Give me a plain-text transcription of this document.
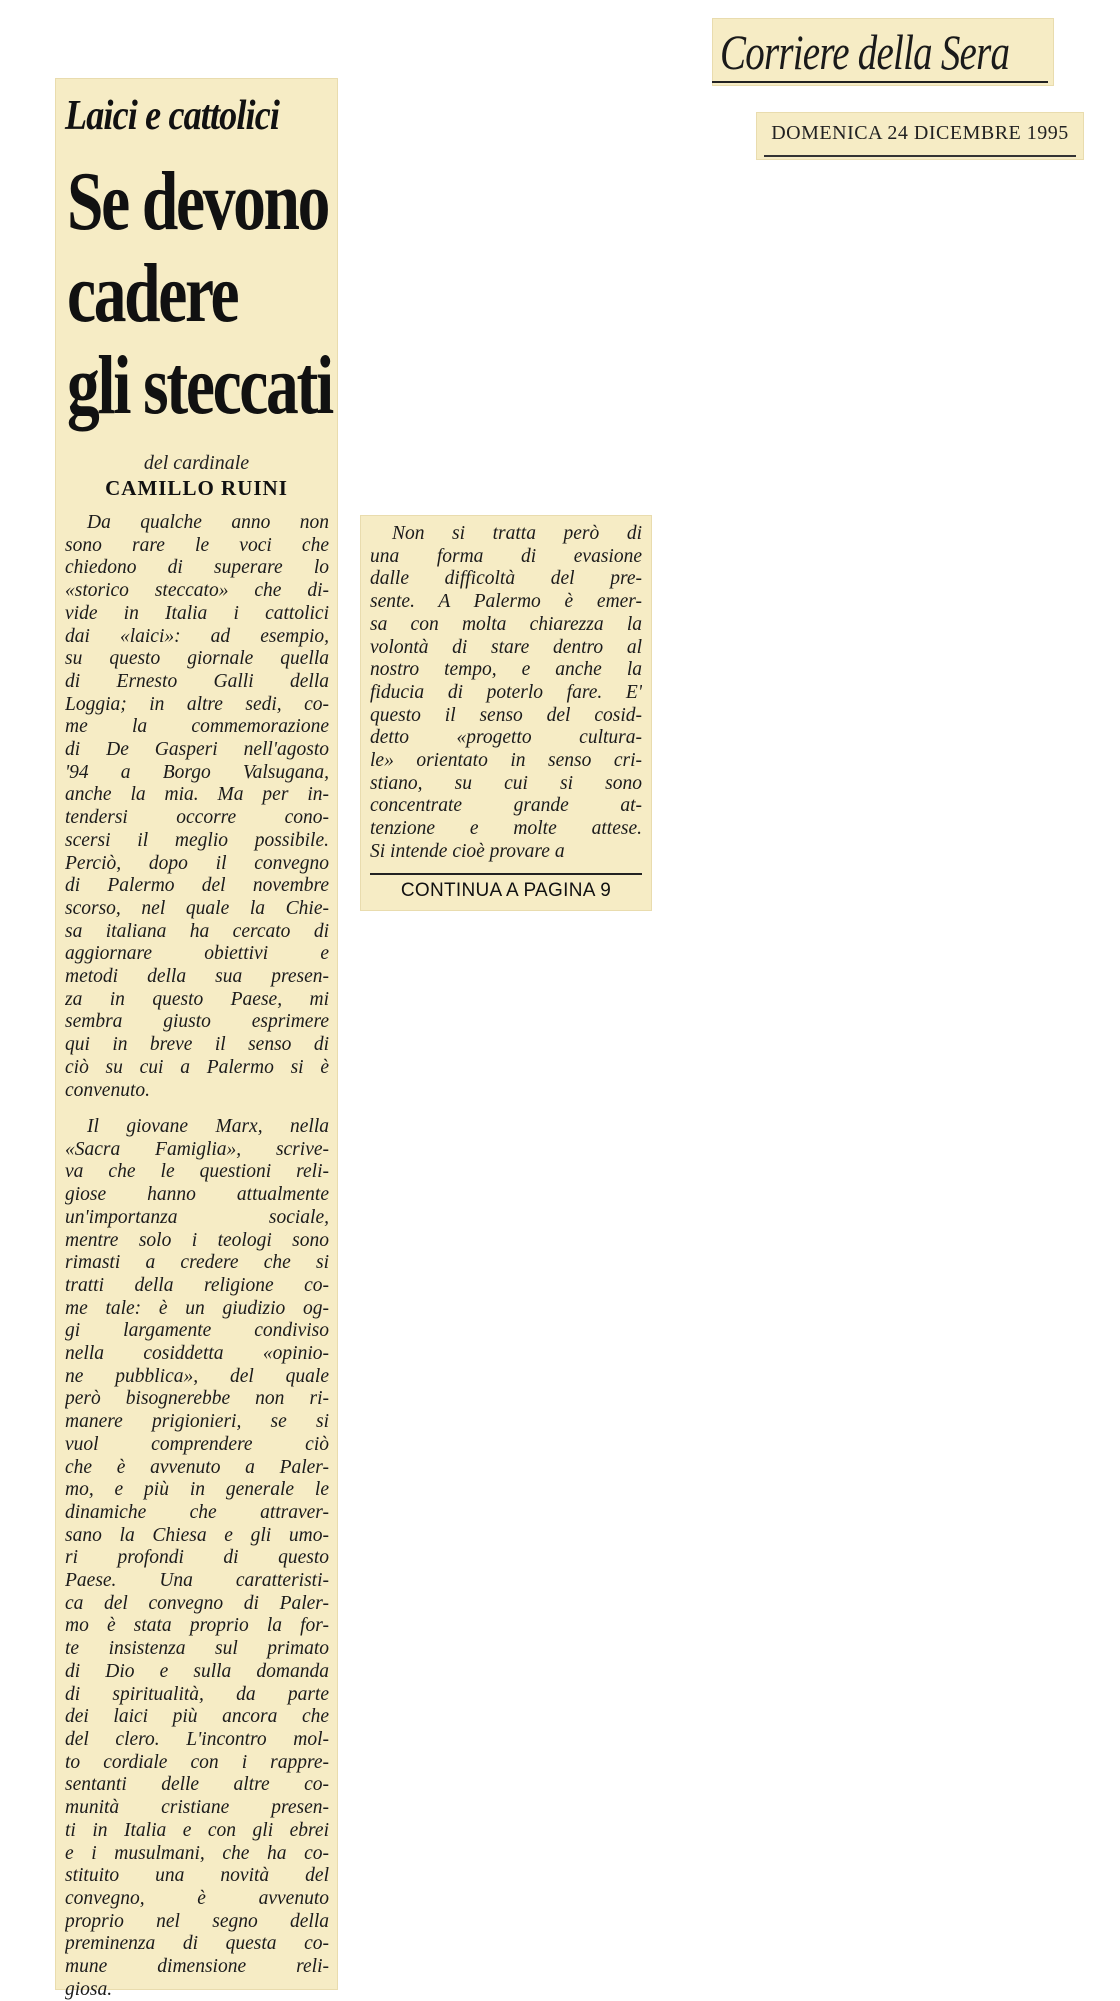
Corriere della Sera
DOMENICA 24 DICEMBRE 1995
Laici e cattolici
Se devono
cadere
gli steccati
del cardinale
CAMILLO RUINI
Da qualche anno non
sono rare le voci che
chiedono di superare lo
«storico steccato» che di-
vide in Italia i cattolici
dai «laici»: ad esempio,
su questo giornale quella
di Ernesto Galli della
Loggia; in altre sedi, co-
me la commemorazione
di De Gasperi nell'agosto
'94 a Borgo Valsugana,
anche la mia. Ma per in-
tendersi occorre cono-
scersi il meglio possibile.
Perciò, dopo il convegno
di Palermo del novembre
scorso, nel quale la Chie-
sa italiana ha cercato di
aggiornare obiettivi e
metodi della sua presen-
za in questo Paese, mi
sembra giusto esprimere
qui in breve il senso di
ciò su cui a Palermo si è
convenuto.
Il giovane Marx, nella
«Sacra Famiglia», scrive-
va che le questioni reli-
giose hanno attualmente
un'importanza sociale,
mentre solo i teologi sono
rimasti a credere che si
tratti della religione co-
me tale: è un giudizio og-
gi largamente condiviso
nella cosiddetta «opinio-
ne pubblica», del quale
però bisognerebbe non ri-
manere prigionieri, se si
vuol comprendere ciò
che è avvenuto a Paler-
mo, e più in generale le
dinamiche che attraver-
sano la Chiesa e gli umo-
ri profondi di questo
Paese. Una caratteristi-
ca del convegno di Paler-
mo è stata proprio la for-
te insistenza sul primato
di Dio e sulla domanda
di spiritualità, da parte
dei laici più ancora che
del clero. L'incontro mol-
to cordiale con i rappre-
sentanti delle altre co-
munità cristiane presen-
ti in Italia e con gli ebrei
e i musulmani, che ha co-
stituito una novità del
convegno, è avvenuto
proprio nel segno della
preminenza di questa co-
mune dimensione reli-
giosa.
Non si tratta però di
una forma di evasione
dalle difficoltà del pre-
sente. A Palermo è emer-
sa con molta chiarezza la
volontà di stare dentro al
nostro tempo, e anche la
fiducia di poterlo fare. E'
questo il senso del cosid-
detto «progetto cultura-
le» orientato in senso cri-
stiano, su cui si sono
concentrate grande at-
tenzione e molte attese.
Si intende cioè provare a
CONTINUA A PAGINA 9
